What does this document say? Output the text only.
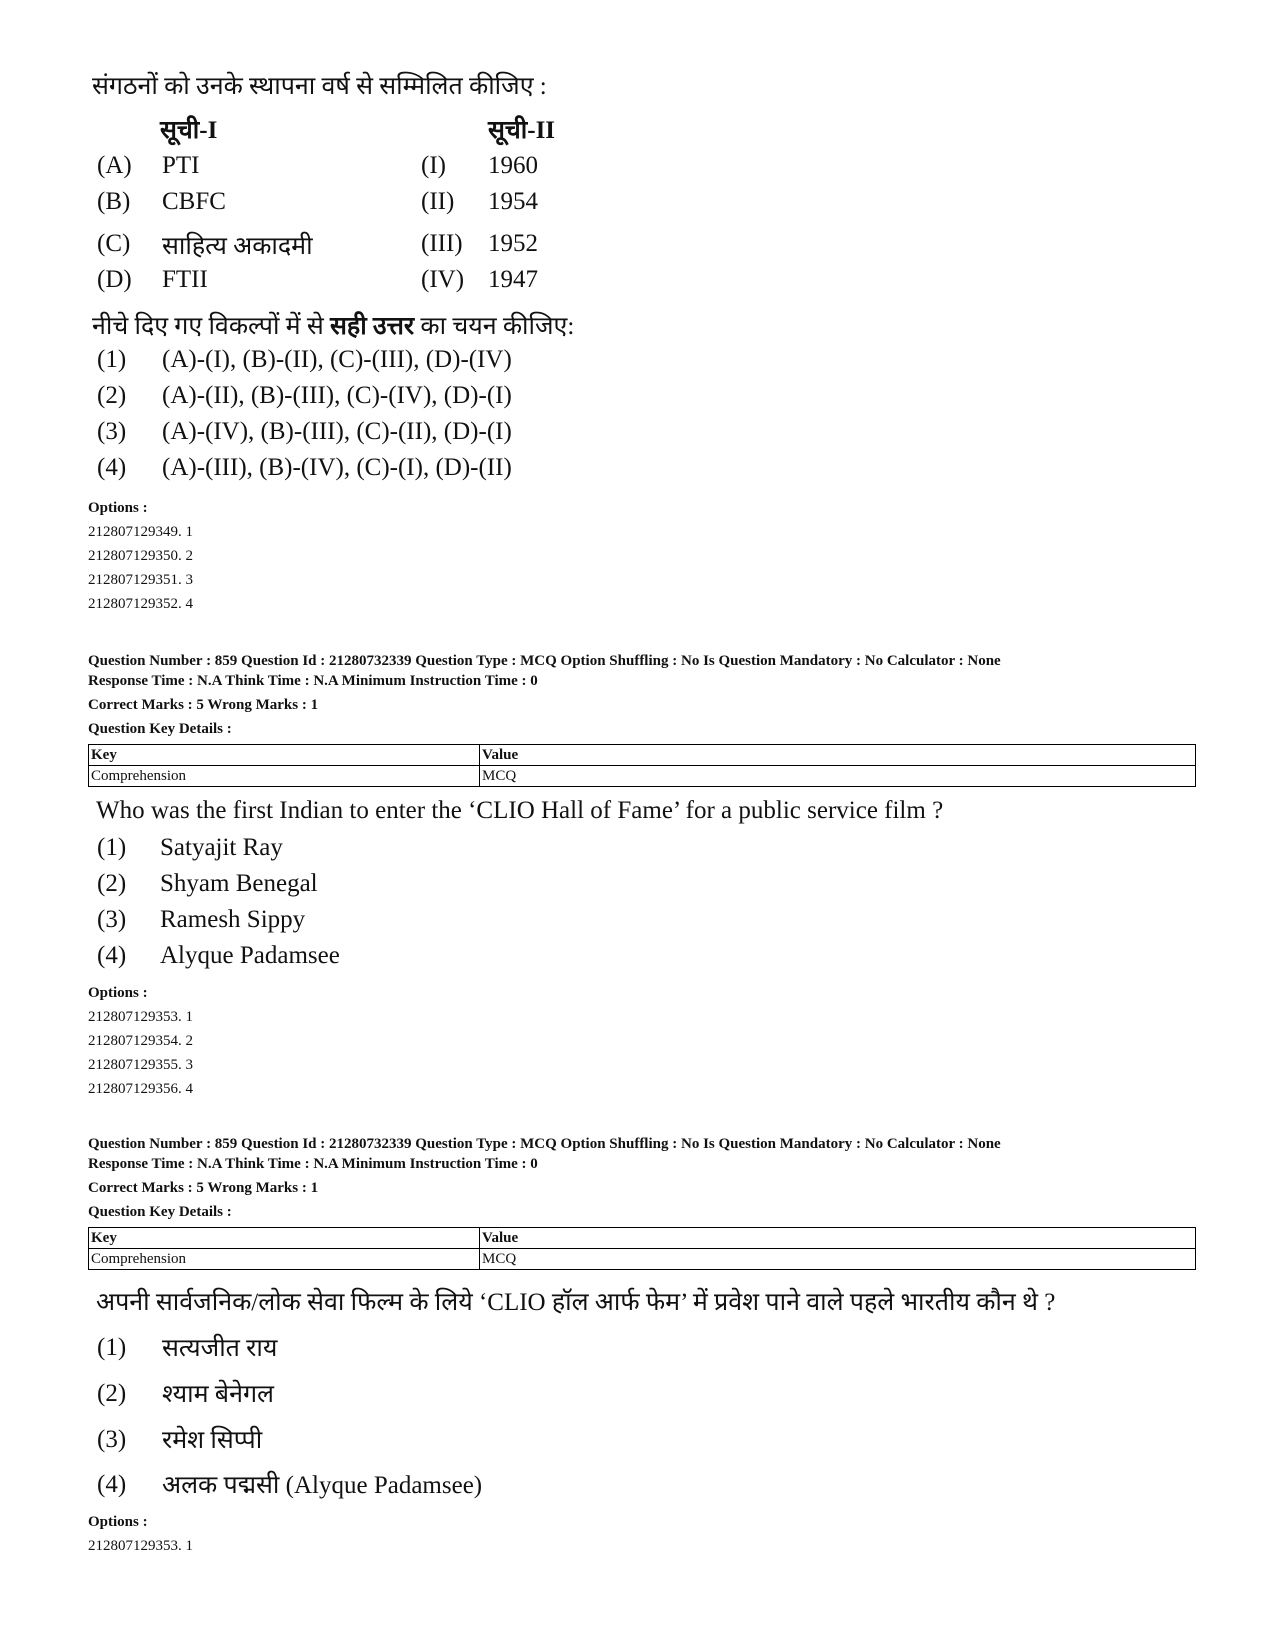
संगठनों को उनके स्थापना वर्ष से सम्मिलित कीजिए :
सूची-I	सूची-II
(A) PTI	(I) 1960
(B) CBFC	(II) 1954
(C) साहित्य अकादमी	(III) 1952
(D) FTII	(IV) 1947
नीचे दिए गए विकल्पों में से सही उत्तर का चयन कीजिए:
(1) (A)-(I), (B)-(II), (C)-(III), (D)-(IV)
(2) (A)-(II), (B)-(III), (C)-(IV), (D)-(I)
(3) (A)-(IV), (B)-(III), (C)-(II), (D)-(I)
(4) (A)-(III), (B)-(IV), (C)-(I), (D)-(II)
Options :
212807129349. 1
212807129350. 2
212807129351. 3
212807129352. 4
Question Number : 859 Question Id : 21280732339 Question Type : MCQ Option Shuffling : No Is Question Mandatory : No Calculator : None
Response Time : N.A Think Time : N.A Minimum Instruction Time : 0
Correct Marks : 5 Wrong Marks : 1
Question Key Details :
Key	Value
Comprehension	MCQ
Who was the first Indian to enter the ‘CLIO Hall of Fame’ for a public service film ?
(1) Satyajit Ray
(2) Shyam Benegal
(3) Ramesh Sippy
(4) Alyque Padamsee
Options :
212807129353. 1
212807129354. 2
212807129355. 3
212807129356. 4
Question Number : 859 Question Id : 21280732339 Question Type : MCQ Option Shuffling : No Is Question Mandatory : No Calculator : None
Response Time : N.A Think Time : N.A Minimum Instruction Time : 0
Correct Marks : 5 Wrong Marks : 1
Question Key Details :
Key	Value
Comprehension	MCQ
अपनी सार्वजनिक/लोक सेवा फिल्म के लिये ‘CLIO हॉल आर्फ फेम’ में प्रवेश पाने वाले पहले भारतीय कौन थे ?
(1) सत्यजीत राय
(2) श्याम बेनेगल
(3) रमेश सिप्पी
(4) अलक पद्मसी (Alyque Padamsee)
Options :
212807129353. 1
